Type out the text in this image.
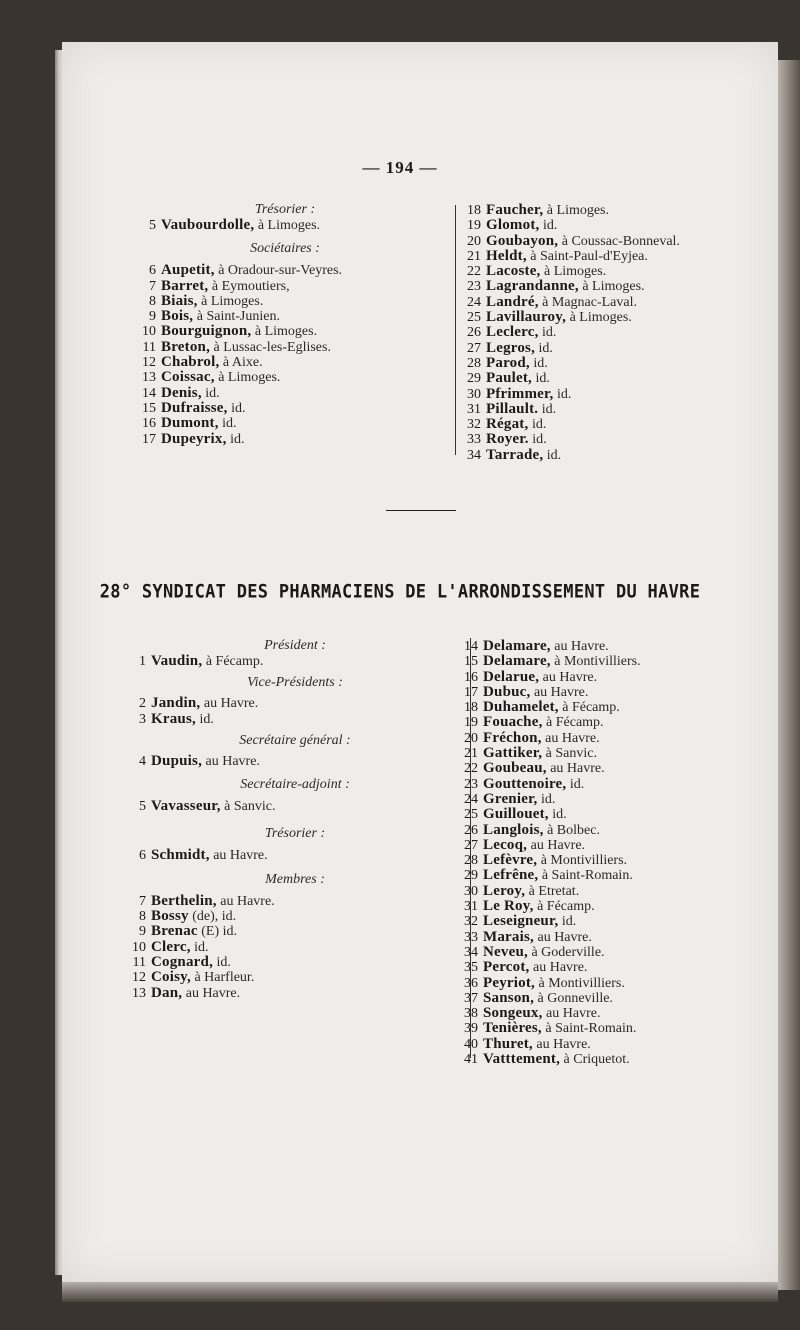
— 194 —
Trésorier :
5 Vaubourdolle, à Limoges.
Sociétaires :
6 Aupetit, à Oradour-sur-Veyres.
7 Barret, à Eymoutiers,
8 Biais, à Limoges.
9 Bois, à Saint-Junien.
10 Bourguignon, à Limoges.
11 Breton, à Lussac-les-Eglises.
12 Chabrol, à Aixe.
13 Coissac, à Limoges.
14 Denis, id.
15 Dufraisse, id.
16 Dumont, id.
17 Dupeyrix, id.
18 Faucher, à Limoges.
19 Glomot, id.
20 Goubayon, à Coussac-Bonneval.
21 Heldt, à Saint-Paul-d'Eyjea.
22 Lacoste, à Limoges.
23 Lagrandanne, à Limoges.
24 Landré, à Magnac-Laval.
25 Lavillauroy, à Limoges.
26 Leclerc, id.
27 Legros, id.
28 Parod, id.
29 Paulet, id.
30 Pfrimmer, id.
31 Pillault. id.
32 Régat, id.
33 Royer. id.
34 Tarrade, id.
28° SYNDICAT DES PHARMACIENS DE L'ARRONDISSEMENT DU HAVRE
Président :
1 Vaudin, à Fécamp.
Vice-Présidents :
2 Jandin, au Havre.
3 Kraus, id.
Secrétaire général :
4 Dupuis, au Havre.
Secrétaire-adjoint :
5 Vavasseur, à Sanvic.
Trésorier :
6 Schmidt, au Havre.
Membres :
7 Berthelin, au Havre.
8 Bossy (de), id.
9 Brenac (E) id.
10 Clerc, id.
11 Cognard, id.
12 Coisy, à Harfleur.
13 Dan, au Havre.
14 Delamare, au Havre.
15 Delamare, à Montivilliers.
16 Delarue, au Havre.
17 Dubuc, au Havre.
18 Duhamelet, à Fécamp.
19 Fouache, à Fécamp.
20 Fréchon, au Havre.
21 Gattiker, à Sanvic.
22 Goubeau, au Havre.
23 Gouttenoire, id.
24 Grenier, id.
25 Guillouet, id.
26 Langlois, à Bolbec.
27 Lecoq, au Havre.
28 Lefèvre, à Montivilliers.
29 Lefrêne, à Saint-Romain.
30 Leroy, à Etretat.
31 Le Roy, à Fécamp.
32 Leseigneur, id.
33 Marais, au Havre.
34 Neveu, à Goderville.
35 Percot, au Havre.
36 Peyriot, à Montivilliers.
37 Sanson, à Gonneville.
38 Songeux, au Havre.
39 Tenières, à Saint-Romain.
40 Thuret, au Havre.
41 Vatttement, à Criquetot.
